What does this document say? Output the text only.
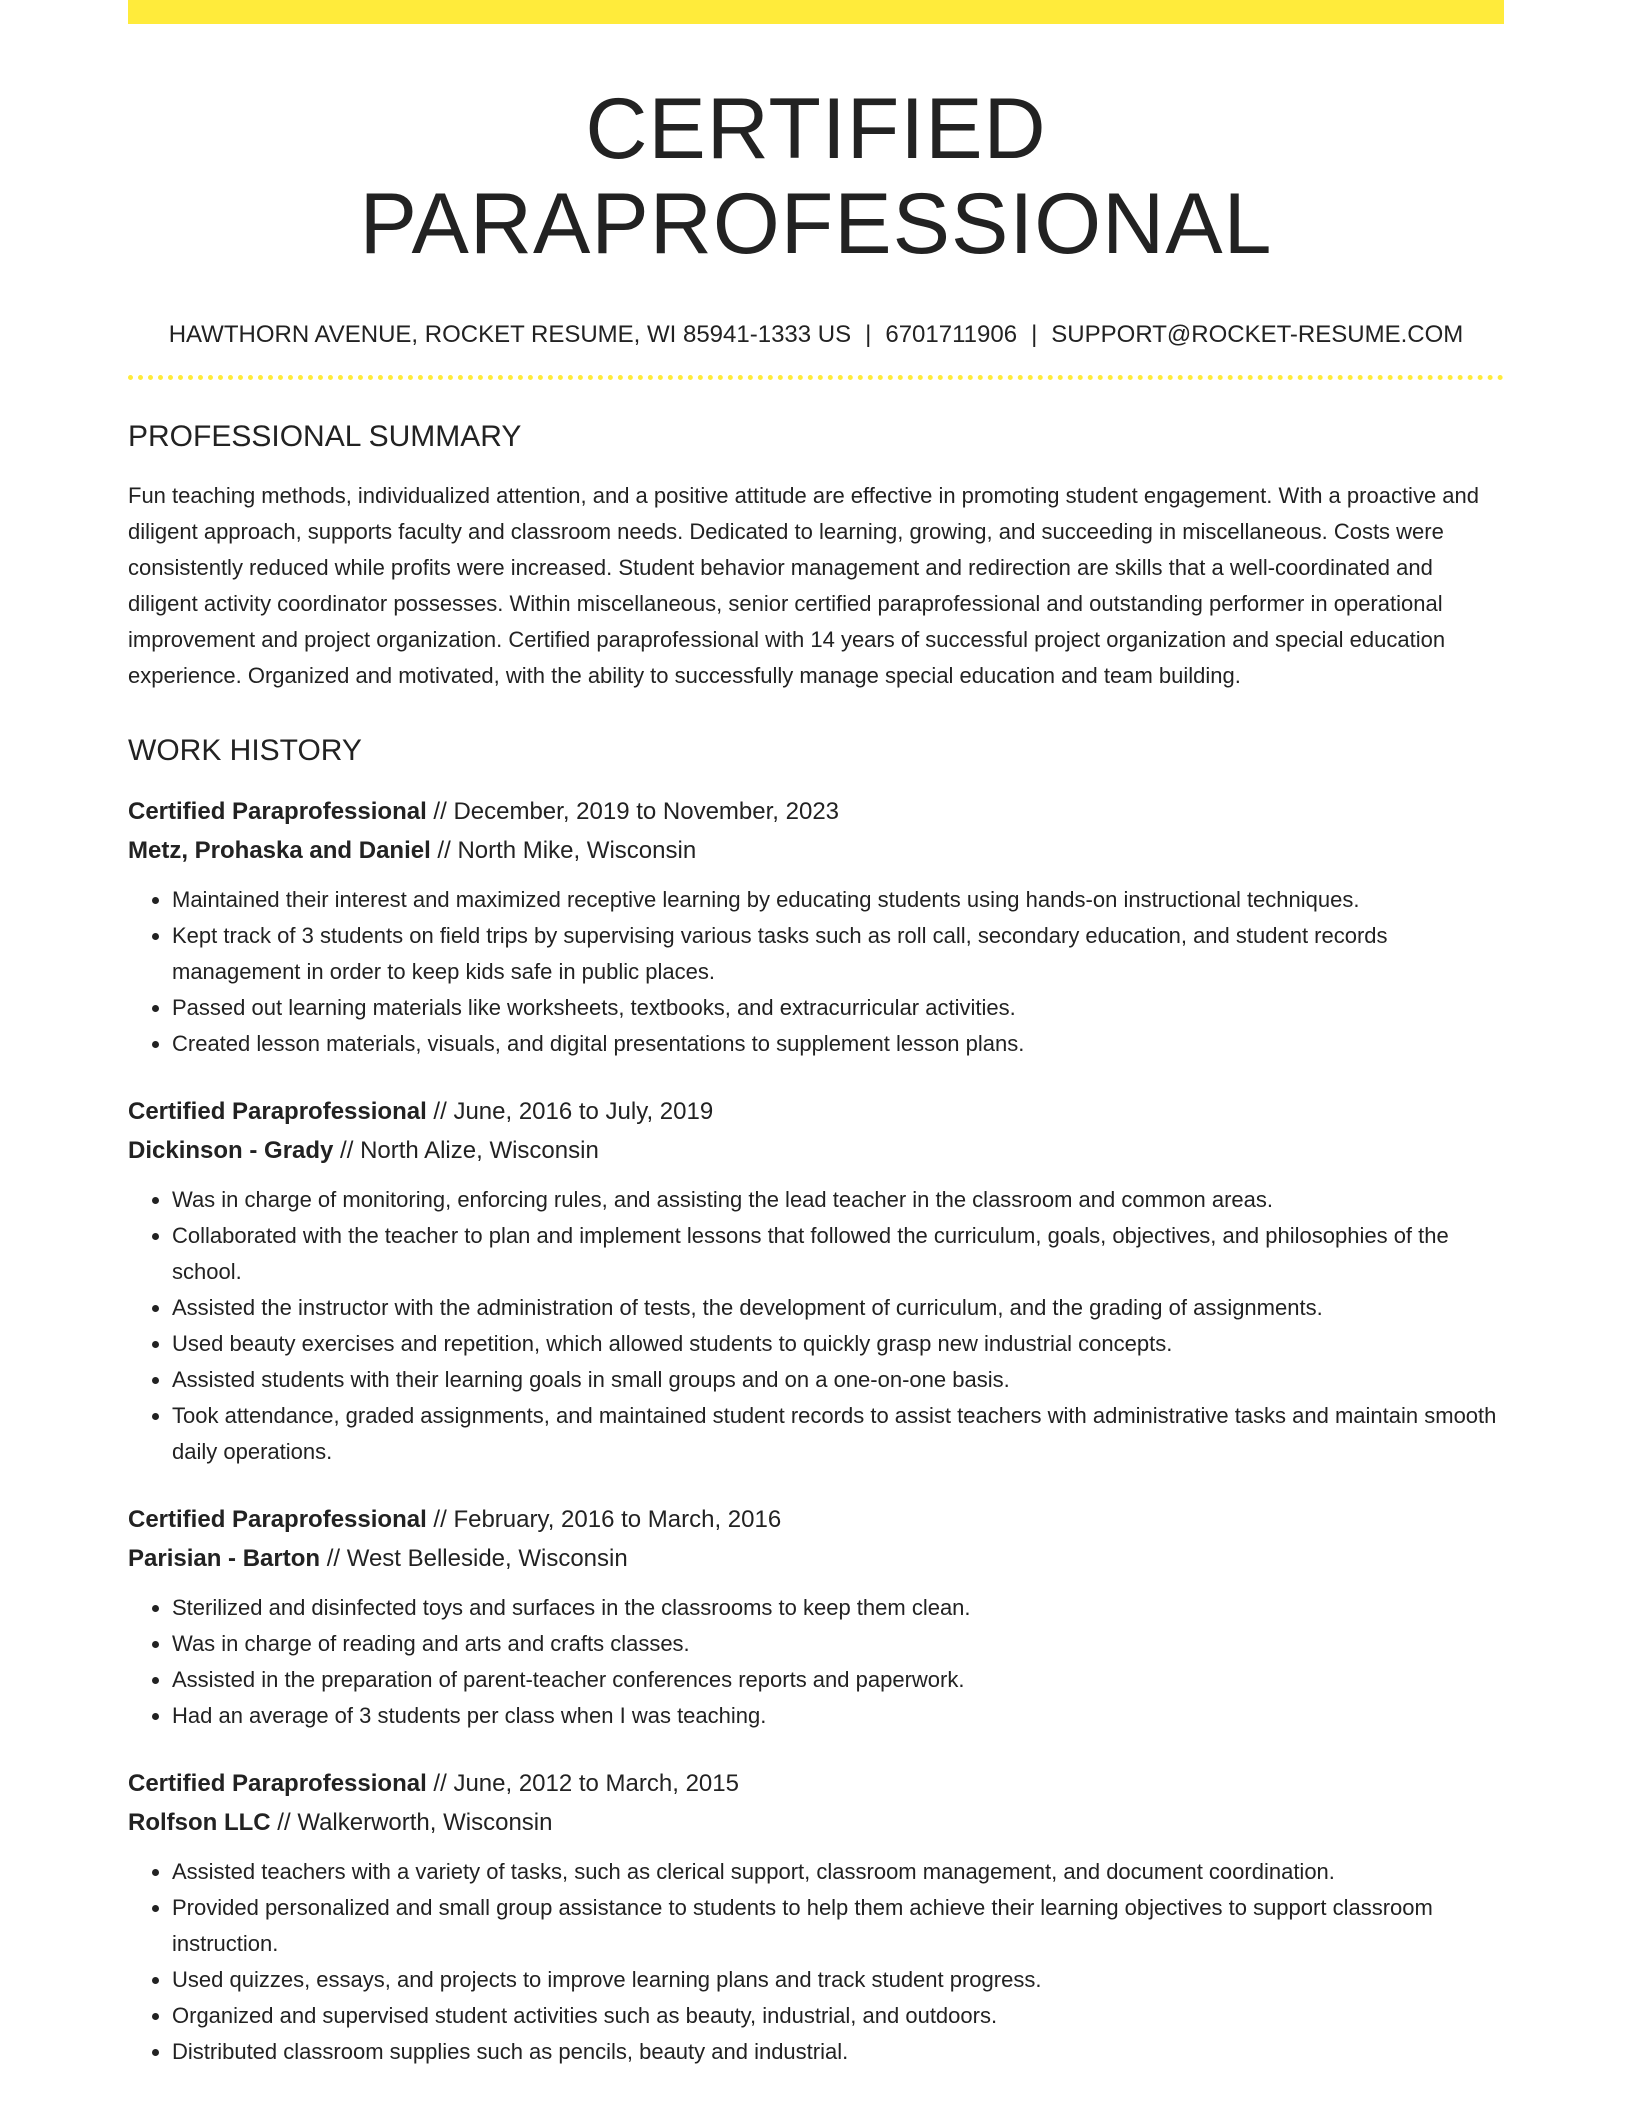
CERTIFIED PARAPROFESSIONAL
HAWTHORN AVENUE, ROCKET RESUME, WI 85941-1333 US | 6701711906 | SUPPORT@ROCKET-RESUME.COM
PROFESSIONAL SUMMARY

Fun teaching methods, individualized attention, and a positive attitude are effective in promoting student engagement. With a proactive and diligent approach, supports faculty and classroom needs. Dedicated to learning, growing, and succeeding in miscellaneous. Costs were consistently reduced while profits were increased. Student behavior management and redirection are skills that a well-coordinated and diligent activity coordinator possesses. Within miscellaneous, senior certified paraprofessional and outstanding performer in operational improvement and project organization. Certified paraprofessional with 14 years of successful project organization and special education experience. Organized and motivated, with the ability to successfully manage special education and team building.

WORK HISTORY
Certified Paraprofessional // December, 2019 to November, 2023
Metz, Prohaska and Daniel // North Mike, Wisconsin
• Maintained their interest and maximized receptive learning by educating students using hands-on instructional techniques.
• Kept track of 3 students on field trips by supervising various tasks such as roll call, secondary education, and student records management in order to keep kids safe in public places.
• Passed out learning materials like worksheets, textbooks, and extracurricular activities.
• Created lesson materials, visuals, and digital presentations to supplement lesson plans.
Certified Paraprofessional // June, 2016 to July, 2019
Dickinson - Grady // North Alize, Wisconsin
• Was in charge of monitoring, enforcing rules, and assisting the lead teacher in the classroom and common areas.
• Collaborated with the teacher to plan and implement lessons that followed the curriculum, goals, objectives, and philosophies of the school.
• Assisted the instructor with the administration of tests, the development of curriculum, and the grading of assignments.
• Used beauty exercises and repetition, which allowed students to quickly grasp new industrial concepts.
• Assisted students with their learning goals in small groups and on a one-on-one basis.
• Took attendance, graded assignments, and maintained student records to assist teachers with administrative tasks and maintain smooth daily operations.
Certified Paraprofessional // February, 2016 to March, 2016
Parisian - Barton // West Belleside, Wisconsin
• Sterilized and disinfected toys and surfaces in the classrooms to keep them clean.
• Was in charge of reading and arts and crafts classes.
• Assisted in the preparation of parent-teacher conferences reports and paperwork.
• Had an average of 3 students per class when I was teaching.
Certified Paraprofessional // June, 2012 to March, 2015
Rolfson LLC // Walkerworth, Wisconsin
• Assisted teachers with a variety of tasks, such as clerical support, classroom management, and document coordination.
• Provided personalized and small group assistance to students to help them achieve their learning objectives to support classroom instruction.
• Used quizzes, essays, and projects to improve learning plans and track student progress.
• Organized and supervised student activities such as beauty, industrial, and outdoors.
• Distributed classroom supplies such as pencils, beauty and industrial.
